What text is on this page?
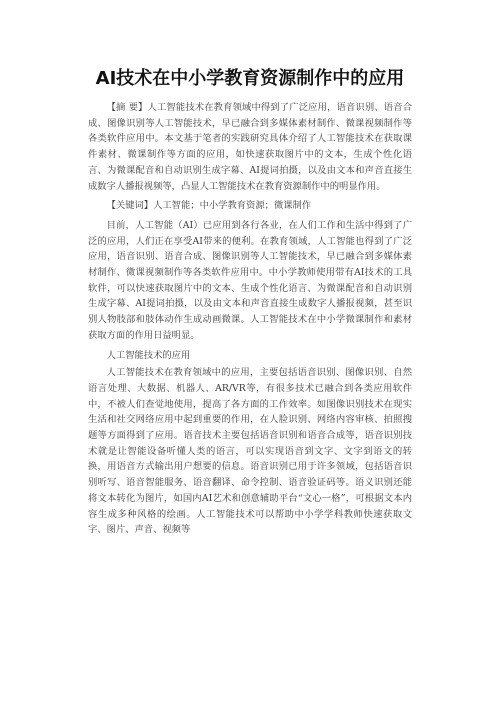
AI技术在中小学教育资源制作中的应用

【摘 要】人工智能技术在教育领域中得到了广泛应用，语音识别、语音合成、图像识别等人工智能技术，早已融合到多媒体素材制作、微课视频制作等各类软件应用中。本文基于笔者的实践研究具体介绍了人工智能技术在获取课件素材、微课制作等方面的应用，如快速获取图片中的文本，生成个性化语言、为微课配音和自动识别生成字幕、AI提词拍摄，以及由文本和声音直接生成数字人播报视频等，凸显人工智能技术在教育资源制作中的明显作用。

【关键词】人工智能；中小学教育资源；微课制作

目前，人工智能（AI）已应用到各行各业，在人们工作和生活中得到了广泛的应用，人们正在享受AI带来的便利。在教育领域，人工智能也得到了广泛应用，语音识别、语音合成、图像识别等人工智能技术，早已融合到多媒体素材制作、微课视频制作等各类软件应用中。中小学教师使用带有AI技术的工具软件，可以快速获取图片中的文本、生成个性化语言、为微课配音和自动识别生成字幕、AI提词拍摄，以及由文本和声音直接生成数字人播报视频，甚至识别人物肢部和肢体动作生成动画微课。人工智能技术在中小学微课制作和素材获取方面的作用日益明显。

人工智能技术的应用

人工智能技术在教育领域中的应用，主要包括语音识别、图像识别、自然语言处理、大数据、机器人、AR/VR等，有很多技术已融合到各类应用软件中，不被人们查觉地使用，提高了各方面的工作效率。如图像识别技术在现实生活和社交网络应用中起到重要的作用，在人脸识别、网络内容审核、拍照搜题等方面得到了应用。语音技术主要包括语音识别和语音合成等，语音识别技术就是让智能设备听懂人类的语言，可以实现语音到文字、文字到语文的转换，用语音方式输出用户想要的信息。语音识别已用于许多领域，包括语音识别听写、语音智能服务、语音翻译、命令控制、语音验证码等。语义识别还能将文本转化为图片，如国内AI艺术和创意辅助平台“文心一格”，可根据文本内容生成多种风格的绘画。人工智能技术可以帮助中小学学科教师快速获取文字、图片、声音、视频等
